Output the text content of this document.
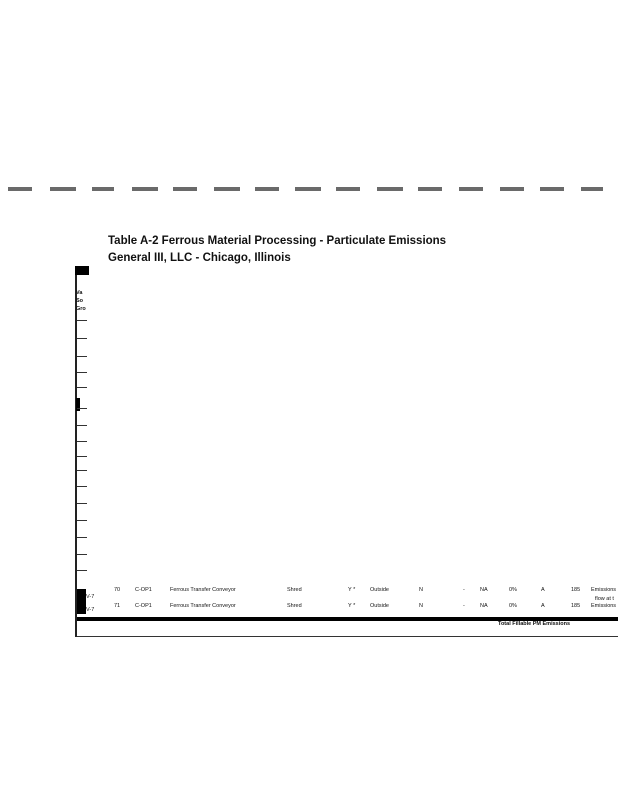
Table A-2 Ferrous Material Processing - Particulate Emissions
General III, LLC - Chicago, Illinois
Va
So
Gro
V-7
70	C-OP1	Ferrous Transfer Conveyor	Shred	Y *	Outside	N	-	NA	0%	A	185 Emissions
flow at t
V-7
71	C-OP1	Ferrous Transfer Conveyor	Shred	Y *	Outside	N	-	NA	0%	A	185 Emissions
Total Fillable PM Emissions
